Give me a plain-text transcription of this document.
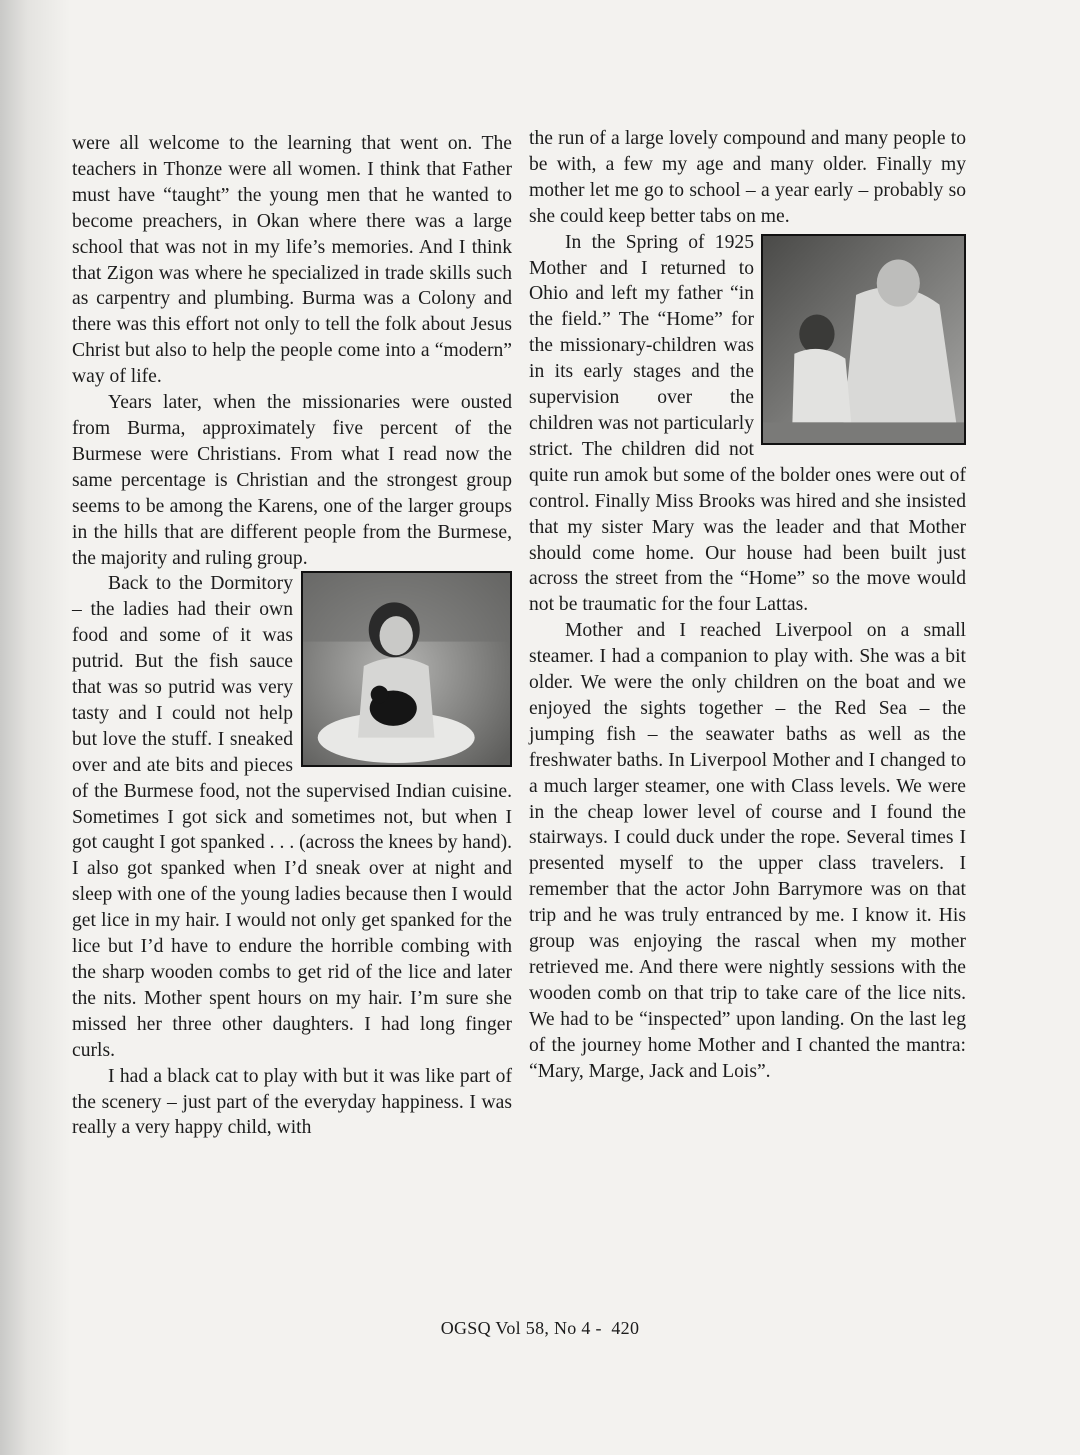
were all welcome to the learning that went on. The teachers in Thonze were all women. I think that Father must have “taught” the young men that he wanted to become preachers, in Okan where there was a large school that was not in my life’s memories. And I think that Zigon was where he specialized in trade skills such as carpentry and plumbing. Burma was a Colony and there was this effort not only to tell the folk about Jesus Christ but also to help the people come into a “modern” way of life.

Years later, when the missionaries were ousted from Burma, approximately five percent of the Burmese were Christians. From what I read now the same percentage is Christian and the strongest group seems to be among the Karens, one of the larger groups in the hills that are different people from the Burmese, the majority and ruling group.

Back to the Dormitory – the ladies had their own food and some of it was putrid. But the fish sauce that was so putrid was very tasty and I could not help but love the stuff. I sneaked over and ate bits and pieces of the Burmese food, not the supervised Indian cuisine. Sometimes I got sick and sometimes not, but when I got caught I got spanked . . . (across the knees by hand). I also got spanked when I’d sneak over at night and sleep with one of the young ladies because then I would get lice in my hair. I would not only get spanked for the lice but I’d have to endure the horrible combing with the sharp wooden combs to get rid of the lice and later the nits. Mother spent hours on my hair. I’m sure she missed her three other daughters. I had long finger curls.

I had a black cat to play with but it was like part of the scenery – just part of the everyday happiness. I was really a very happy child, with

the run of a large lovely compound and many people to be with, a few my age and many older. Finally my mother let me go to school – a year early – probably so she could keep better tabs on me.

In the Spring of 1925 Mother and I returned to Ohio and left my father “in the field.” The “Home” for the missionary-children was in its early stages and the supervision over the children was not particularly strict. The children did not quite run amok but some of the bolder ones were out of control. Finally Miss Brooks was hired and she insisted that my sister Mary was the leader and that Mother should come home. Our house had been built just across the street from the “Home” so the move would not be traumatic for the four Lattas.

Mother and I reached Liverpool on a small steamer. I had a companion to play with. She was a bit older. We were the only children on the boat and we enjoyed the sights together – the Red Sea – the jumping fish – the seawater baths as well as the freshwater baths. In Liverpool Mother and I changed to a much larger steamer, one with Class levels. We were in the cheap lower level of course and I found the stairways. I could duck under the rope. Several times I presented myself to the upper class travelers. I remember that the actor John Barrymore was on that trip and he was truly entranced by me. I know it. His group was enjoying the rascal when my mother retrieved me. And there were nightly sessions with the wooden comb on that trip to take care of the lice nits. We had to be “inspected” upon landing. On the last leg of the journey home Mother and I chanted the mantra: “Mary, Marge, Jack and Lois”.

OGSQ Vol 58, No 4 -  420
